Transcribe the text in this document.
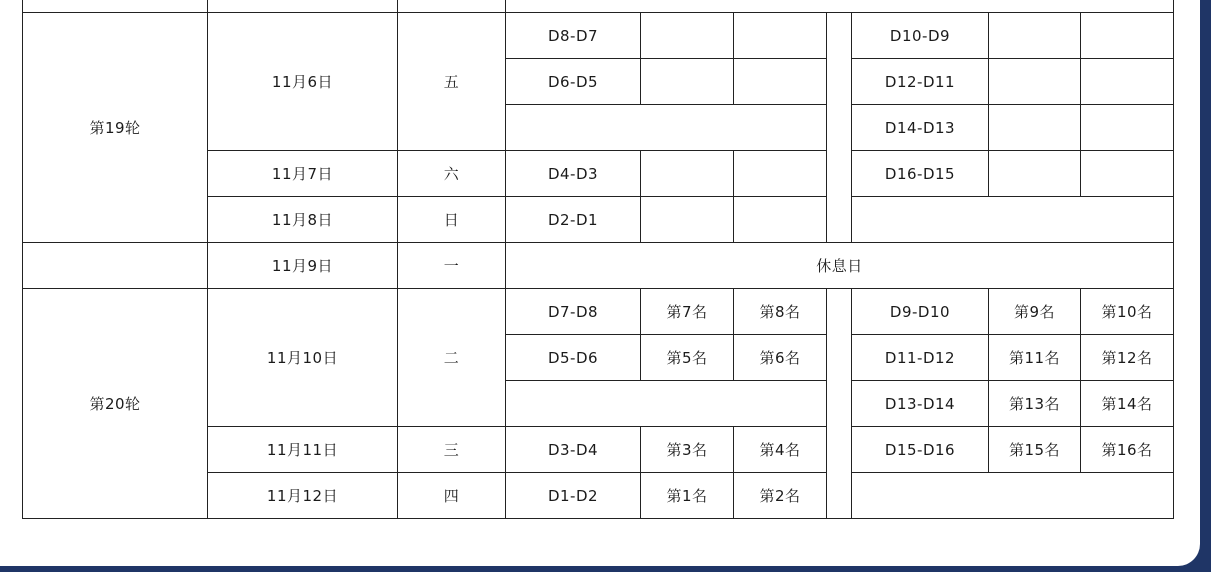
第19轮	11月6日	五	D8-D7				D10-D9		
			D6-D5				D12-D11		
							D14-D13		
	11月7日	六	D4-D3				D16-D15		
	11月8日	日	D2-D1						
	11月9日	一	休息日						
第20轮	11月10日	二	D7-D8	第7名	第8名		D9-D10	第9名	第10名
			D5-D6	第5名	第6名		D11-D12	第11名	第12名
							D13-D14	第13名	第14名
	11月11日	三	D3-D4	第3名	第4名		D15-D16	第15名	第16名
	11月12日	四	D1-D2	第1名	第2名				
